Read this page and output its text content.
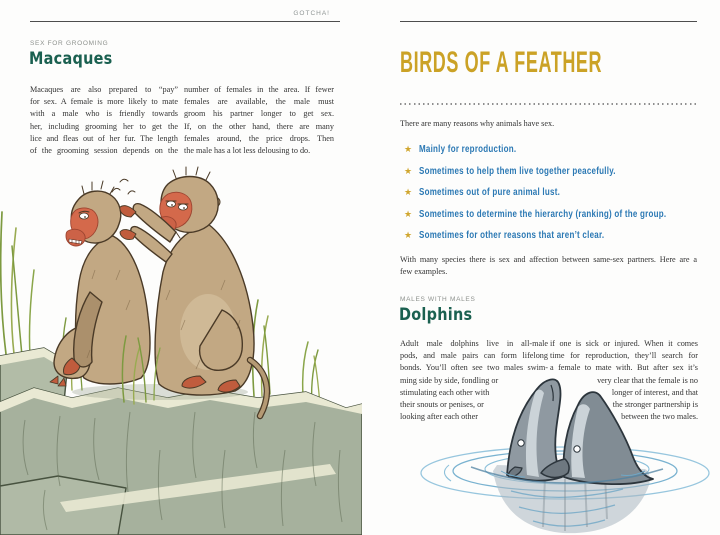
GOTCHA!
SEX FOR GROOMING
Macaques
Macaques are also prepared to “pay”
for sex. A female is more likely to mate
with a male who is friendly towards
her, including grooming her to get the
lice and fleas out of her fur. The length
of the grooming session depends on the
number of females in the area. If fewer
females are available, the male must
groom his partner longer to get sex.
If, on the other hand, there are many
females around, the price drops. Then
the male has a lot less delousing to do.
BIRDS OF A FEATHER
There are many reasons why animals have sex.
★ Mainly for reproduction.
★ Sometimes to help them live together peacefully.
★ Sometimes out of pure animal lust.
★ Sometimes to determine the hierarchy (ranking) of the group.
★ Sometimes for other reasons that aren’t clear.
With many species there is sex and affection between same-sex partners. Here are a
few examples.
MALES WITH MALES
Dolphins
Adult male dolphins live in all-male
pods, and male pairs can form lifelong
bonds. You’ll often see two males swim-
ming side by side, fondling or
stimulating each other with
their snouts or penises, or
looking after each other
if one is sick or injured. When it comes
time for reproduction, they’ll search for
a female to mate with. But after sex it’s
very clear that the female is no
longer of interest, and that
the stronger partnership is
between the two males.
